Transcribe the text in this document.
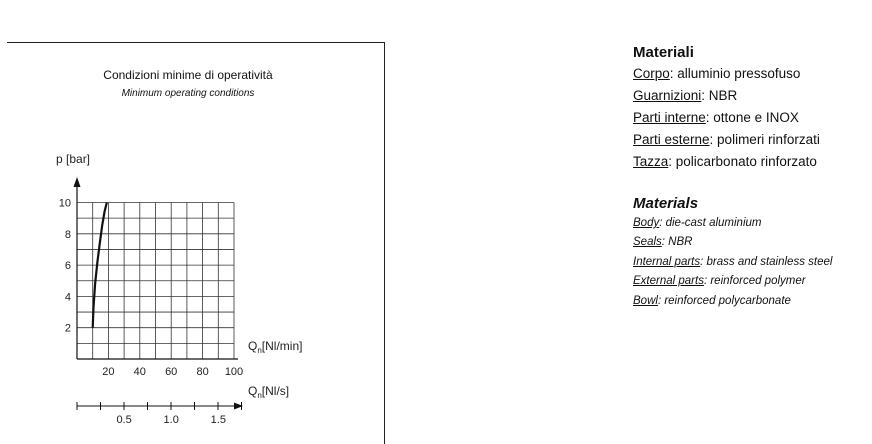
Condizioni minime di operatività
Minimum operating conditions
p [bar]
2
4
6
8
10
20 40 60 80 100
0.5	1.0	1.5
$Q_n[Nl/\min]$
$Q_n[Nl/s]$
Materiali
Corpo: alluminio pressofuso
Guarnizioni: NBR
Parti interne: ottone e INOX
Parti esterne: polimeri rinforzati
Tazza: policarbonato rinforzato
Materials
Body: die-cast aluminium
Seals: NBR
Internal parts: brass and stainless steel
External parts: reinforced polymer
Bowl: reinforced polycarbonate
